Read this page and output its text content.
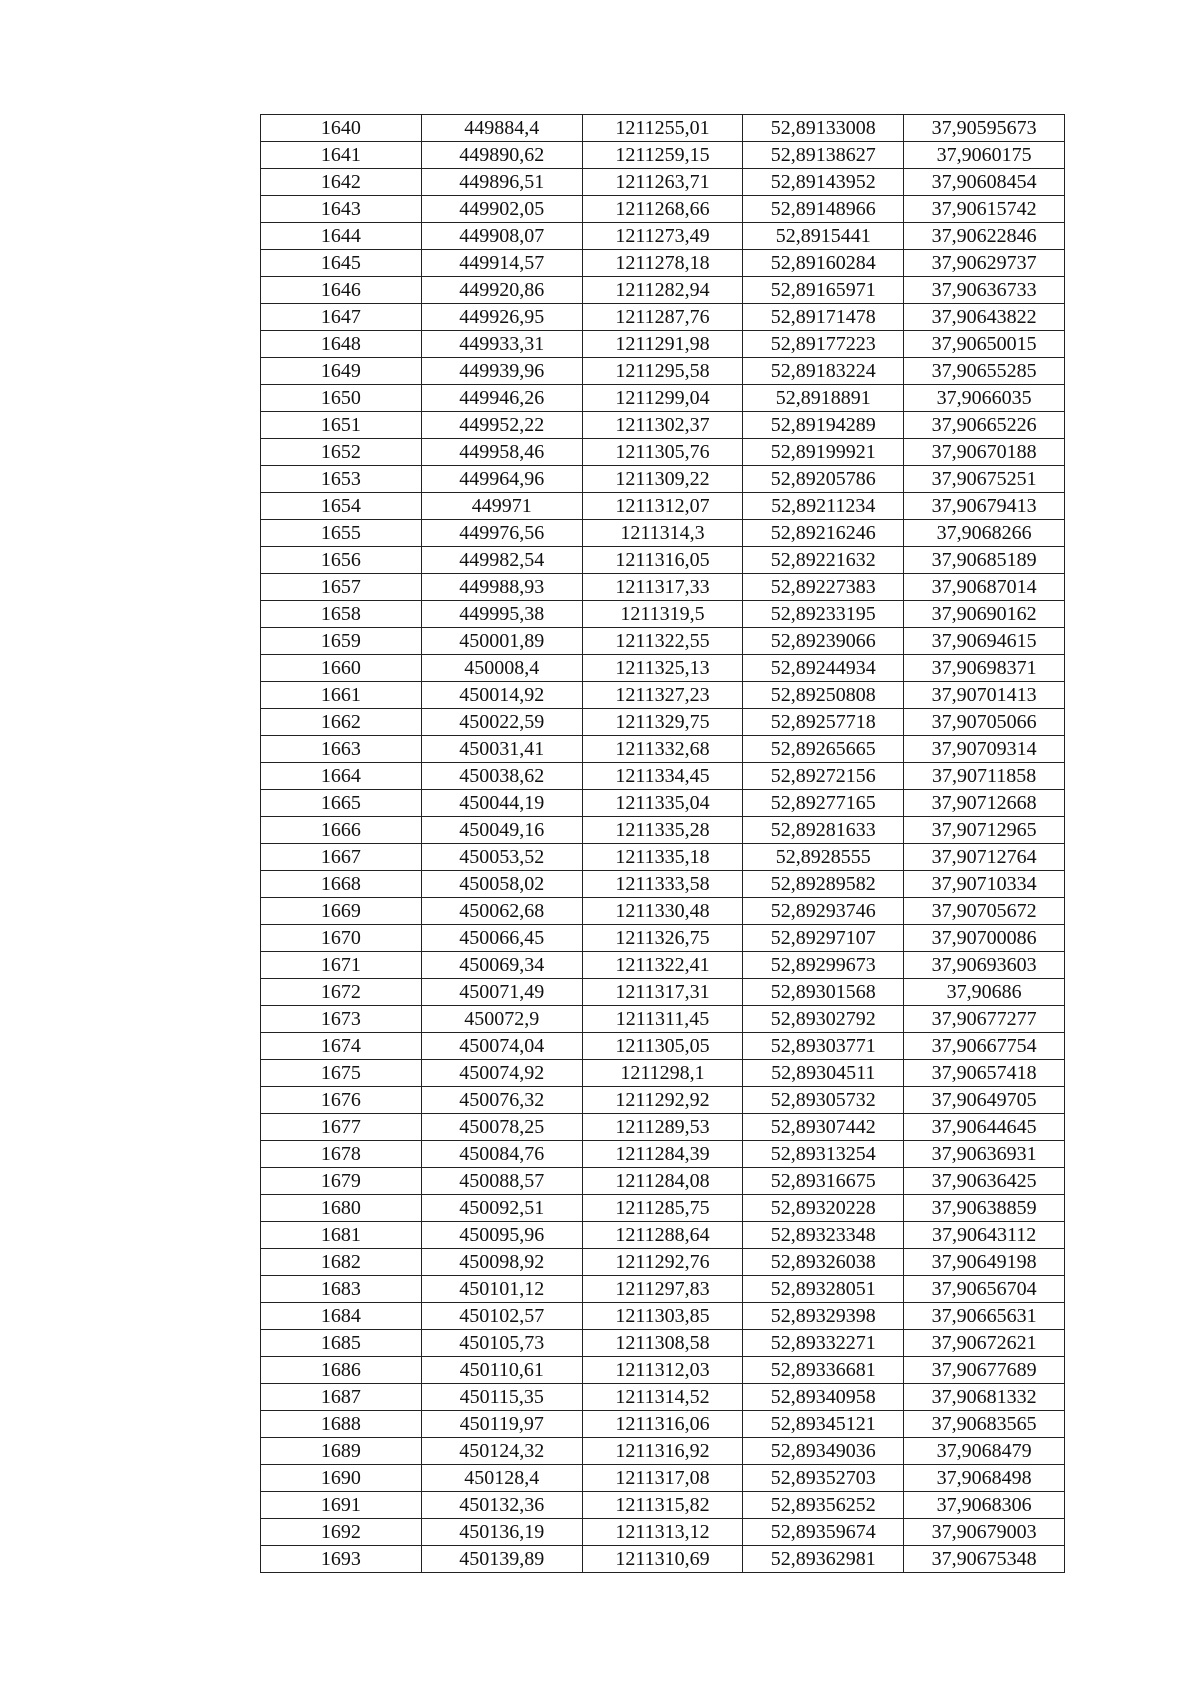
1640	449884,4	1211255,01	52,89133008	37,90595673
1641	449890,62	1211259,15	52,89138627	37,9060175
1642	449896,51	1211263,71	52,89143952	37,90608454
1643	449902,05	1211268,66	52,89148966	37,90615742
1644	449908,07	1211273,49	52,8915441	37,90622846
1645	449914,57	1211278,18	52,89160284	37,90629737
1646	449920,86	1211282,94	52,89165971	37,90636733
1647	449926,95	1211287,76	52,89171478	37,90643822
1648	449933,31	1211291,98	52,89177223	37,90650015
1649	449939,96	1211295,58	52,89183224	37,90655285
1650	449946,26	1211299,04	52,8918891	37,9066035
1651	449952,22	1211302,37	52,89194289	37,90665226
1652	449958,46	1211305,76	52,89199921	37,90670188
1653	449964,96	1211309,22	52,89205786	37,90675251
1654	449971	1211312,07	52,89211234	37,90679413
1655	449976,56	1211314,3	52,89216246	37,9068266
1656	449982,54	1211316,05	52,89221632	37,90685189
1657	449988,93	1211317,33	52,89227383	37,90687014
1658	449995,38	1211319,5	52,89233195	37,90690162
1659	450001,89	1211322,55	52,89239066	37,90694615
1660	450008,4	1211325,13	52,89244934	37,90698371
1661	450014,92	1211327,23	52,89250808	37,90701413
1662	450022,59	1211329,75	52,89257718	37,90705066
1663	450031,41	1211332,68	52,89265665	37,90709314
1664	450038,62	1211334,45	52,89272156	37,90711858
1665	450044,19	1211335,04	52,89277165	37,90712668
1666	450049,16	1211335,28	52,89281633	37,90712965
1667	450053,52	1211335,18	52,8928555	37,90712764
1668	450058,02	1211333,58	52,89289582	37,90710334
1669	450062,68	1211330,48	52,89293746	37,90705672
1670	450066,45	1211326,75	52,89297107	37,90700086
1671	450069,34	1211322,41	52,89299673	37,90693603
1672	450071,49	1211317,31	52,89301568	37,90686
1673	450072,9	1211311,45	52,89302792	37,90677277
1674	450074,04	1211305,05	52,89303771	37,90667754
1675	450074,92	1211298,1	52,89304511	37,90657418
1676	450076,32	1211292,92	52,89305732	37,90649705
1677	450078,25	1211289,53	52,89307442	37,90644645
1678	450084,76	1211284,39	52,89313254	37,90636931
1679	450088,57	1211284,08	52,89316675	37,90636425
1680	450092,51	1211285,75	52,89320228	37,90638859
1681	450095,96	1211288,64	52,89323348	37,90643112
1682	450098,92	1211292,76	52,89326038	37,90649198
1683	450101,12	1211297,83	52,89328051	37,90656704
1684	450102,57	1211303,85	52,89329398	37,90665631
1685	450105,73	1211308,58	52,89332271	37,90672621
1686	450110,61	1211312,03	52,89336681	37,90677689
1687	450115,35	1211314,52	52,89340958	37,90681332
1688	450119,97	1211316,06	52,89345121	37,90683565
1689	450124,32	1211316,92	52,89349036	37,9068479
1690	450128,4	1211317,08	52,89352703	37,9068498
1691	450132,36	1211315,82	52,89356252	37,9068306
1692	450136,19	1211313,12	52,89359674	37,90679003
1693	450139,89	1211310,69	52,89362981	37,90675348
